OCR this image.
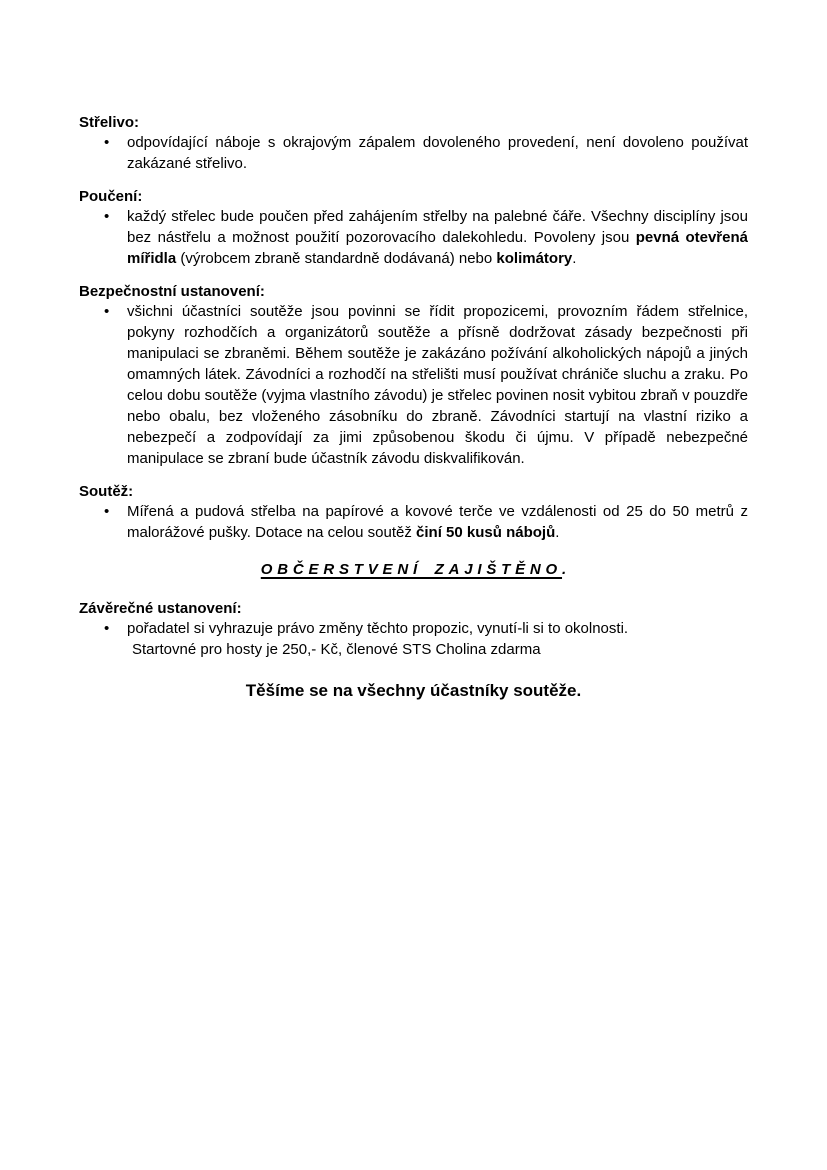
Střelivo:
• odpovídající náboje s okrajovým zápalem dovoleného provedení, není dovoleno používat zakázané střelivo.
Poučení:
• každý střelec bude poučen před zahájením střelby na palebné čáře. Všechny disciplíny jsou bez nástřelu a možnost použití pozorovacího dalekohledu. Povoleny jsou pevná otevřená mířidla (výrobcem zbraně standardně dodávaná) nebo kolimátory.
Bezpečnostní ustanovení:
• všichni účastníci soutěže jsou povinni se řídit propozicemi, provozním řádem střelnice, pokyny rozhodčích a organizátorů soutěže a přísně dodržovat zásady bezpečnosti při manipulaci se zbraněmi. Během soutěže je zakázáno požívání alkoholických nápojů a jiných omamných látek. Závodníci a rozhodčí na střelišti musí používat chrániče sluchu a zraku. Po celou dobu soutěže (vyjma vlastního závodu) je střelec povinen nosit vybitou zbraň v pouzdře nebo obalu, bez vloženého zásobníku do zbraně. Závodníci startují na vlastní riziko a nebezpečí a zodpovídají za jimi způsobenou škodu či újmu. V případě nebezpečné manipulace se zbraní bude účastník závodu diskvalifikován.
Soutěž:
• Mířená a pudová střelba na papírové a kovové terče ve vzdálenosti od 25 do 50 metrů z malorážové pušky. Dotace na celou soutěž činí 50 kusů nábojů.

OBČERSTVENÍ ZAJIŠTĚNO.

Závěrečné ustanovení:
• pořadatel si vyhrazuje právo změny těchto propozic, vynutí-li si to okolnosti.

Startovné pro hosty je 250,- Kč, členové STS Cholina zdarma

Těšíme se na všechny účastníky soutěže.
